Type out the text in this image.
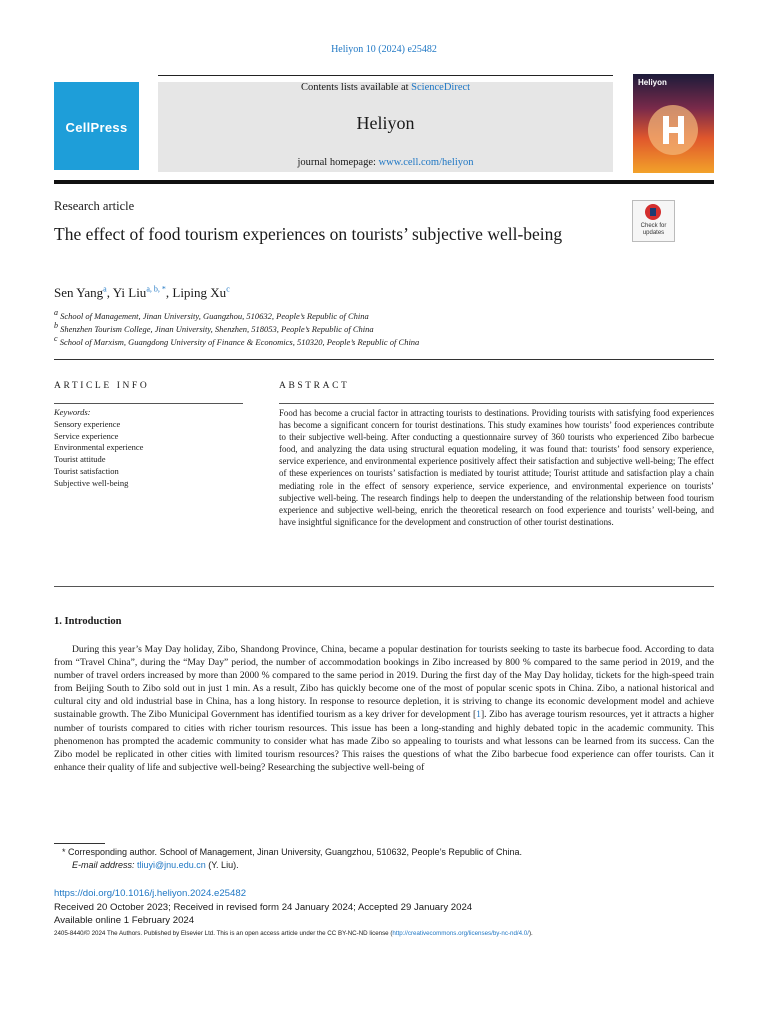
Heliyon 10 (2024) e25482
CellPress
Contents lists available at ScienceDirect
Heliyon
journal homepage: www.cell.com/heliyon
Heliyon
Research article
The effect of food tourism experiences on tourists’ subjective well-being	Check for updates
Sen Yang$^a$, Yi Liu$^{a, b, *}$, Liping Xu$^c$
$^a$ School of Management, Jinan University, Guangzhou, 510632, People’s Republic of China
$^b$ Shenzhen Tourism College, Jinan University, Shenzhen, 518053, People’s Republic of China
$^c$ School of Marxism, Guangdong University of Finance & Economics, 510320, People’s Republic of China
ARTICLE INFO	ABSTRACT
Keywords:
Sensory experience
Service experience
Environmental experience
Tourist attitude
Tourist satisfaction
Subjective well-being
Food has become a crucial factor in attracting tourists to destinations. Providing tourists with satisfying food experiences has become a significant concern for tourist destinations. This study examines how tourists’ food experiences contribute to their subjective well-being. After conducting a questionnaire survey of 360 tourists who experienced Zibo barbecue food, and analyzing the data using structural equation modeling, it was found that: tourists’ food sensory experience, service experience, and environmental experience positively affect their satisfaction and subjective well-being; The effect of these experiences on tourists’ satisfaction is mediated by tourist attitude; Tourist attitude and satisfaction play a chain mediating role in the effect of sensory experience, service experience, and environmental experience on tourists’ subjective well-being. The research findings help to deepen the understanding of the relationship between food tourism experience and subjective well-being, enrich the theoretical research on food experience and tourists’ well-being, and have insightful significance for the development and construction of other tourist destinations.
1. Introduction
During this year’s May Day holiday, Zibo, Shandong Province, China, became a popular destination for tourists seeking to taste its barbecue food. According to data from “Travel China”, during the “May Day” period, the number of accommodation bookings in Zibo increased by 800 % compared to the same period in 2019, and the number of travel orders increased by more than 2000 % compared to the same period in 2019. During the first day of the May Day holiday, tickets for the high-speed train from Beijing South to Zibo sold out in just 1 min. As a result, Zibo has quickly become one of the most of popular scenic spots in China. Zibo, a national historical and cultural city and old industrial base in China, has a long history. In response to resource depletion, it is striving to change its economic development model and achieve sustainable growth. The Zibo Municipal Government has identified tourism as a key driver for development [1]. Zibo has average tourism resources, yet it attracts a higher number of tourists compared to cities with richer tourism resources. This issue has been a long-standing and highly debated topic in the academic community. This phenomenon has prompted the academic community to consider what has made Zibo so appealing to tourists and what lessons can be learned from its success. Can the Zibo model be replicated in other cities with limited tourism resources? This raises the questions of what the Zibo barbecue food experience can offer tourists. Can it enhance their quality of life and subjective well-being? Researching the subjective well-being of
* Corresponding author. School of Management, Jinan University, Guangzhou, 510632, People’s Republic of China.
E-mail address: tliuyi@jnu.edu.cn (Y. Liu).
https://doi.org/10.1016/j.heliyon.2024.e25482
Received 20 October 2023; Received in revised form 24 January 2024; Accepted 29 January 2024
Available online 1 February 2024
2405-8440/© 2024 The Authors. Published by Elsevier Ltd. This is an open access article under the CC BY-NC-ND license (http://creativecommons.org/licenses/by-nc-nd/4.0/).
